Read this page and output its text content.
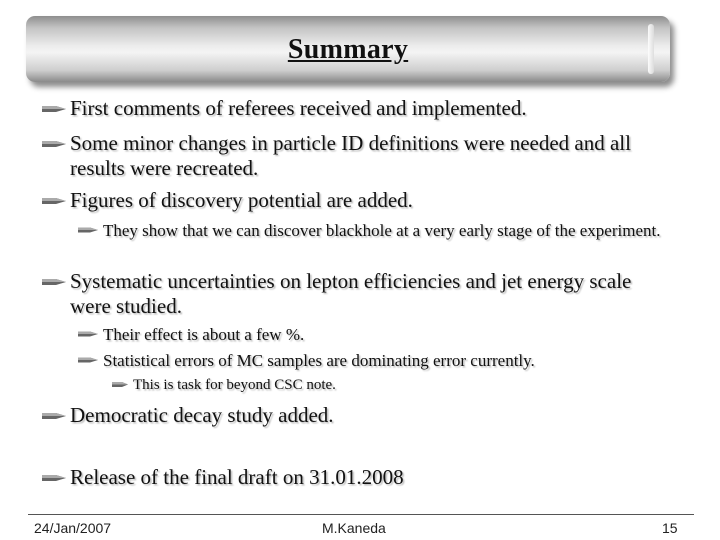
Summary
First comments of referees received and implemented.
Some minor changes in particle ID definitions were needed and all results were recreated.
Figures of discovery potential are added.
They show that we can discover blackhole at a very early stage of the experiment.
Systematic uncertainties on lepton efficiencies and jet energy scale were studied.
Their effect is about a few %.
Statistical errors of MC samples are dominating error currently.
This is task for beyond CSC note.
Democratic decay study added.
Release of the final draft on 31.01.2008
24/Jan/2007	M.Kaneda	15
